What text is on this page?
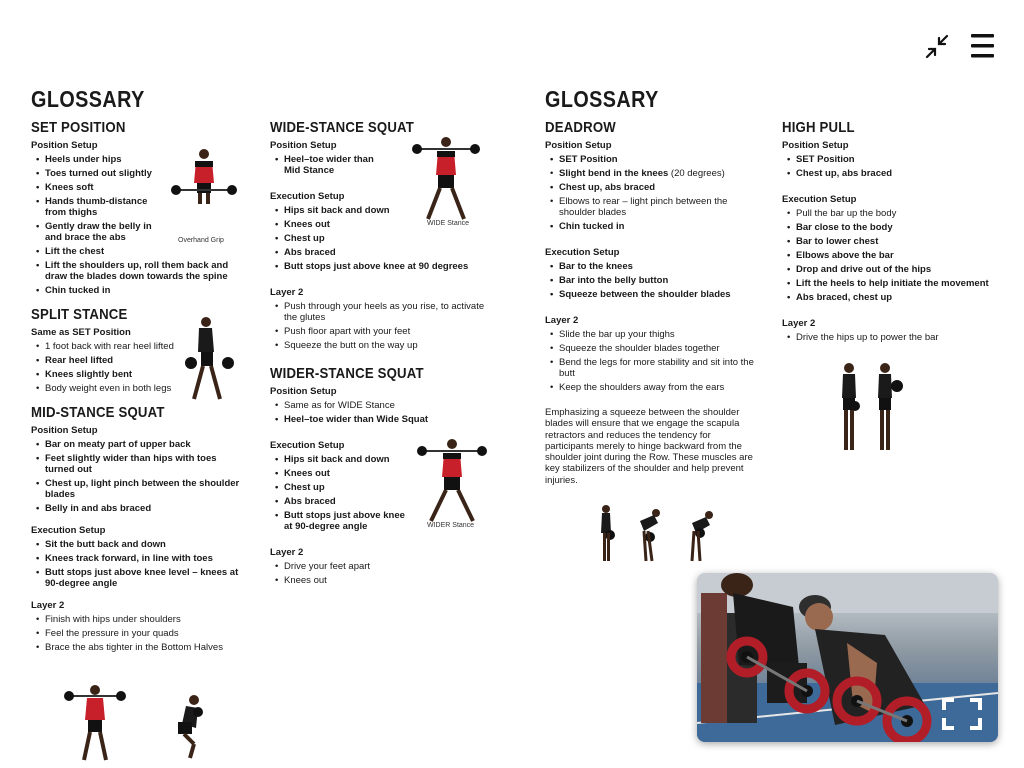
GLOSSARY
SET POSITION
Position Setup
• Heels under hips
• Toes turned out slightly
• Knees soft
• Hands thumb-distance from thighs
• Gently draw the belly in and brace the abs
• Lift the chest
• Lift the shoulders up, roll them back and draw the blades down towards the spine
• Chin tucked in
SPLIT STANCE
Same as SET Position
• 1 foot back with rear heel lifted
• Rear heel lifted
• Knees slightly bent
• Body weight even in both legs
MID-STANCE SQUAT
Position Setup
• Bar on meaty part of upper back
• Feet slightly wider than hips with toes turned out
• Chest up, light pinch between the shoulder blades
• Belly in and abs braced
Execution Setup
• Sit the butt back and down
• Knees track forward, in line with toes
• Butt stops just above knee level – knees at 90-degree angle
Layer 2
• Finish with hips under shoulders
• Feel the pressure in your quads
• Brace the abs tighter in the Bottom Halves
WIDE-STANCE SQUAT
Position Setup
• Heel–toe wider than Mid Stance
Execution Setup
• Hips sit back and down
• Knees out
• Chest up
• Abs braced
• Butt stops just above knee at 90 degrees
Layer 2
• Push through your heels as you rise, to activate the glutes
• Push floor apart with your feet
• Squeeze the butt on the way up
WIDER-STANCE SQUAT
Position Setup
• Same as for WIDE Stance
• Heel–toe wider than Wide Squat
Execution Setup
• Hips sit back and down
• Knees out
• Chest up
• Abs braced
• Butt stops just above knee at 90-degree angle
Layer 2
• Drive your feet apart
• Knees out
Overhand Grip
WIDE Stance
WIDER Stance
GLOSSARY
DEADROW
Position Setup
• SET Position
• Slight bend in the knees (20 degrees)
• Chest up, abs braced
• Elbows to rear – light pinch between the shoulder blades
• Chin tucked in
Execution Setup
• Bar to the knees
• Bar into the belly button
• Squeeze between the shoulder blades
Layer 2
• Slide the bar up your thighs
• Squeeze the shoulder blades together
• Bend the legs for more stability and sit into the butt
• Keep the shoulders away from the ears

Emphasizing a squeeze between the shoulder blades will ensure that we engage the scapula retractors and reduces the tendency for participants merely to hinge backward from the shoulder joint during the Row. These muscles are key stabilizers of the shoulder and help prevent injuries.

HIGH PULL
Position Setup
• SET Position
• Chest up, abs braced
Execution Setup
• Pull the bar up the body
• Bar close to the body
• Bar to lower chest
• Elbows above the bar
• Drop and drive out of the hips
• Lift the heels to help initiate the movement
• Abs braced, chest up
Layer 2
• Drive the hips up to power the bar
